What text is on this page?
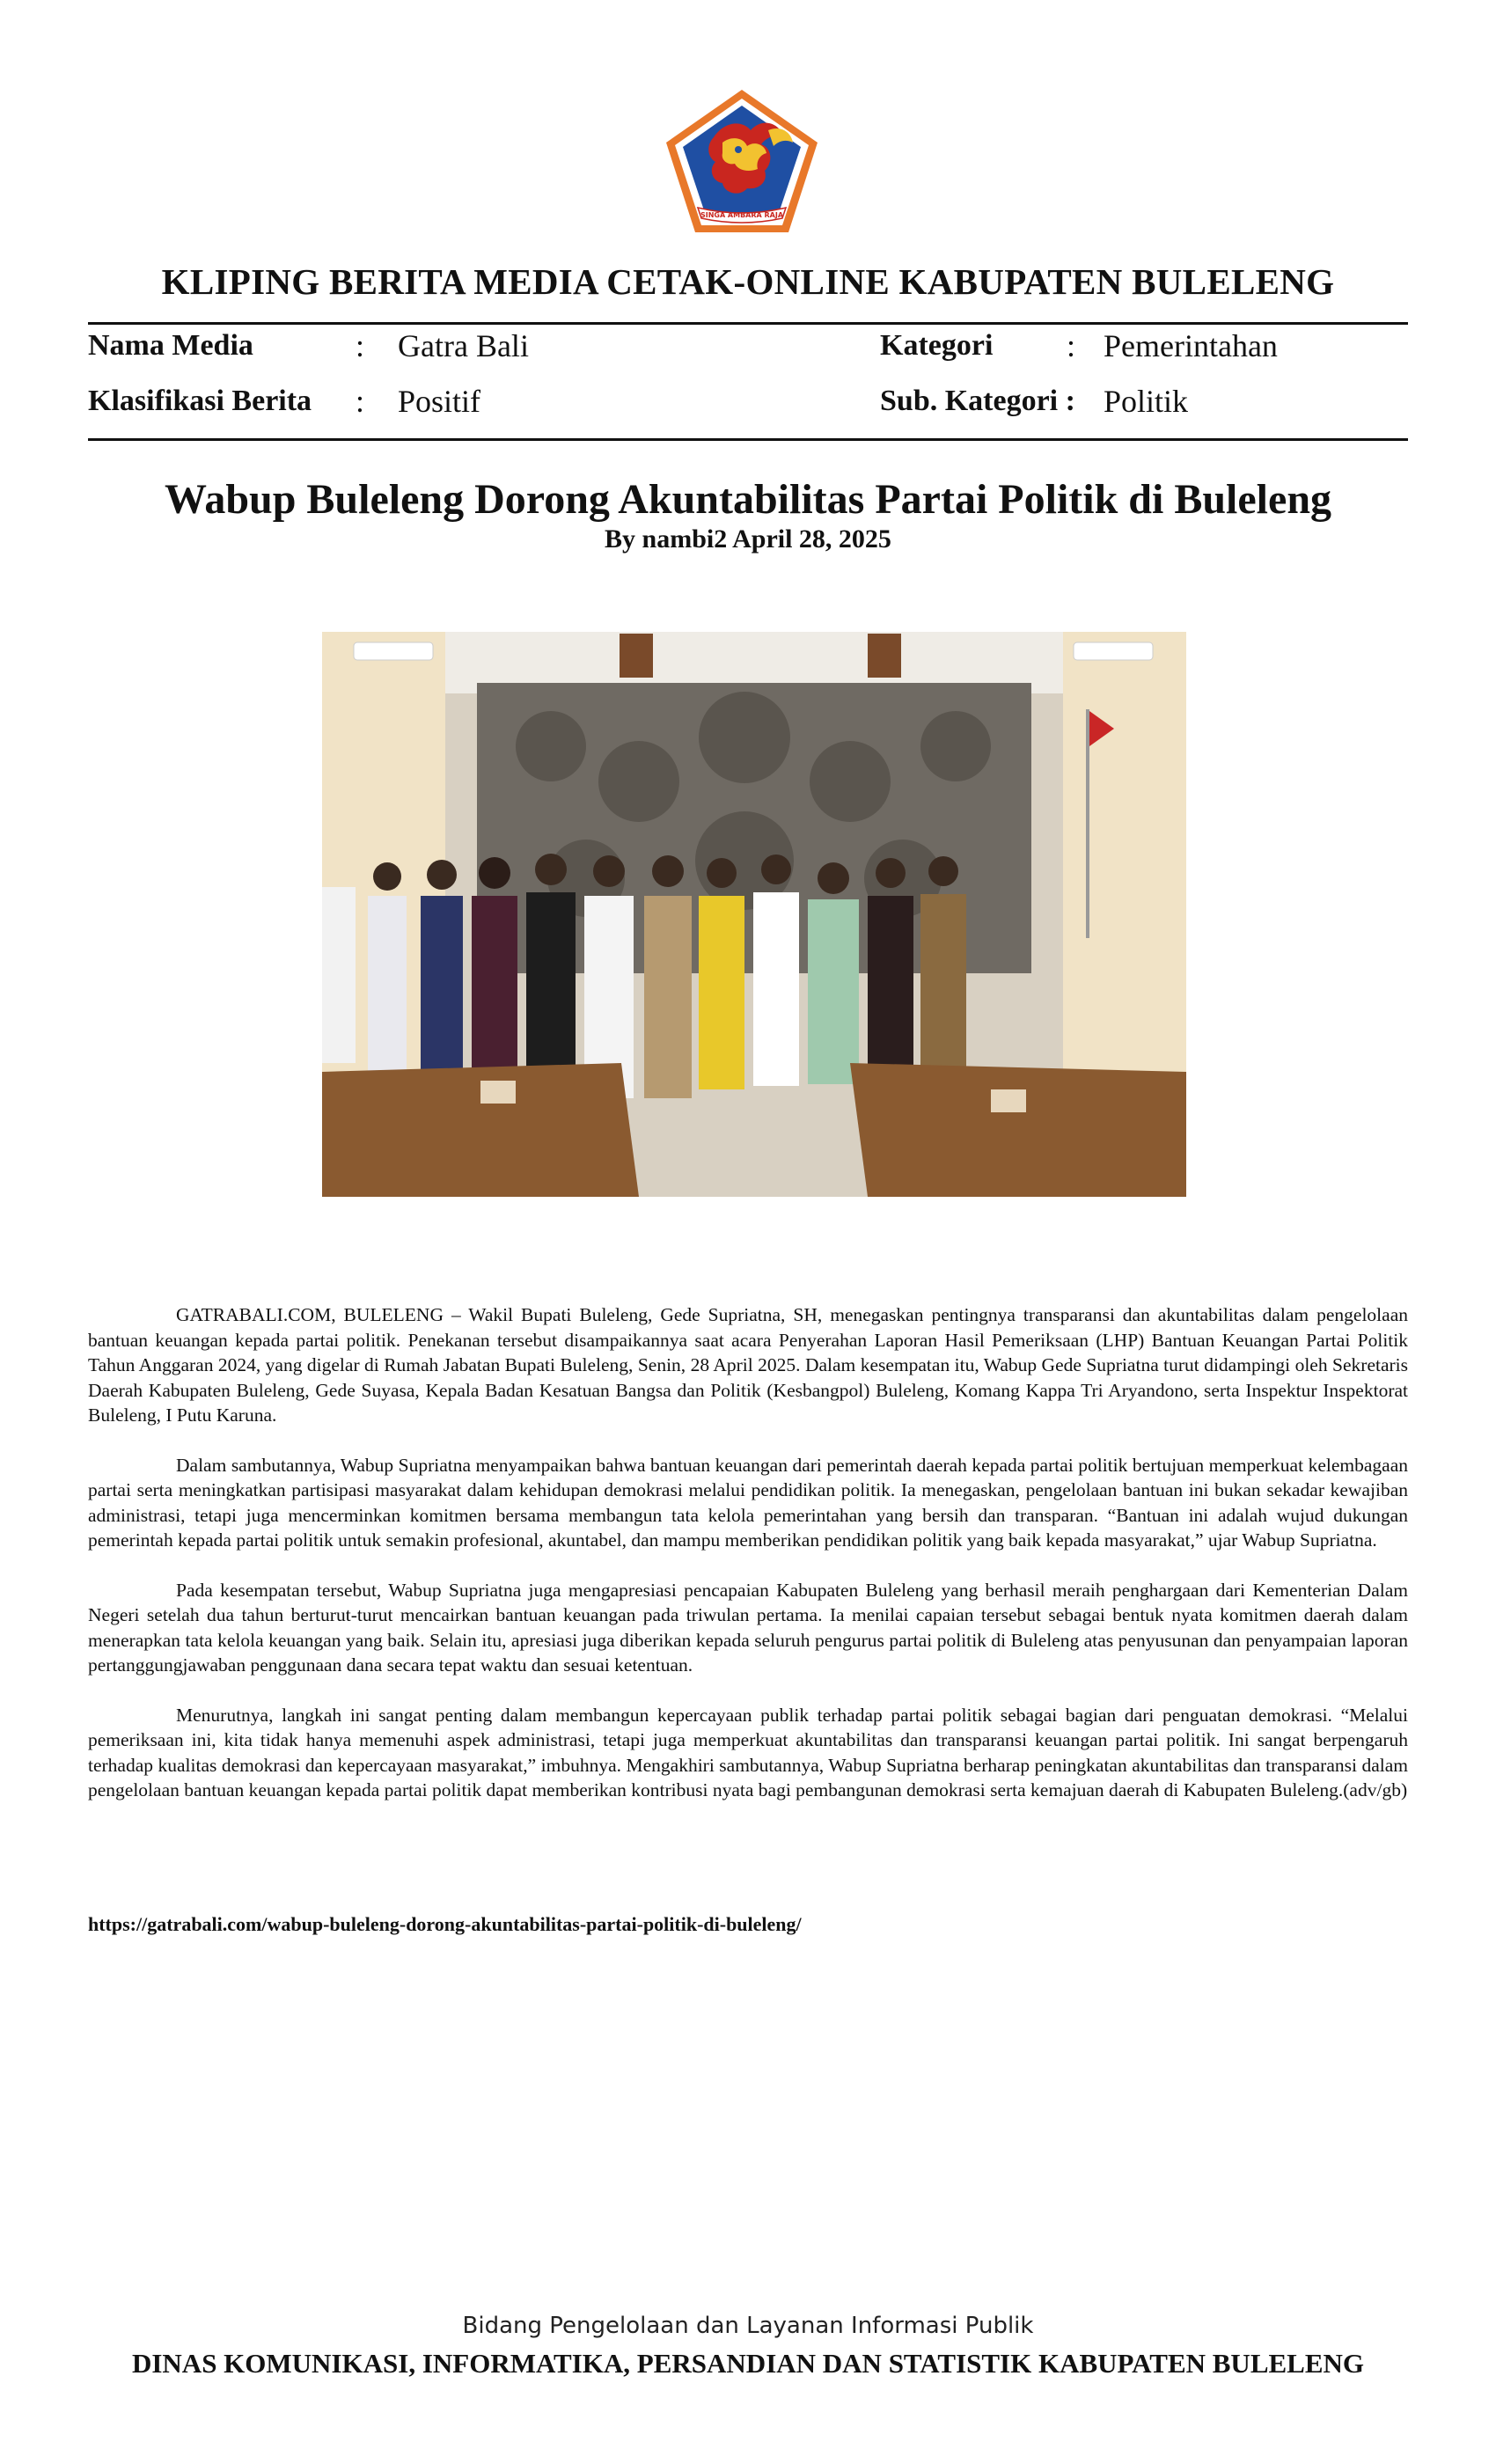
SINGA AMBARA RAJA
KLIPING BERITA MEDIA CETAK-ONLINE KABUPATEN BULELENG
Nama Media	: Gatra Bali	Kategori : Pemerintahan
Klasifikasi Berita : Positif	Sub. Kategori : Politik
Wabup Buleleng Dorong Akuntabilitas Partai Politik di Buleleng
By nambi2 April 28, 2025

GATRABALI.COM, BULELENG – Wakil Bupati Buleleng, Gede Supriatna, SH, menegaskan pentingnya transparansi dan akuntabilitas dalam pengelolaan bantuan keuangan kepada partai politik. Penekanan tersebut disampaikannya saat acara Penyerahan Laporan Hasil Pemeriksaan (LHP) Bantuan Keuangan Partai Politik Tahun Anggaran 2024, yang digelar di Rumah Jabatan Bupati Buleleng, Senin, 28 April 2025. Dalam kesempatan itu, Wabup Gede Supriatna turut didampingi oleh Sekretaris Daerah Kabupaten Buleleng, Gede Suyasa, Kepala Badan Kesatuan Bangsa dan Politik (Kesbangpol) Buleleng, Komang Kappa Tri Aryandono, serta Inspektur Inspektorat Buleleng, I Putu Karuna.

Dalam sambutannya, Wabup Supriatna menyampaikan bahwa bantuan keuangan dari pemerintah daerah kepada partai politik bertujuan memperkuat kelembagaan partai serta meningkatkan partisipasi masyarakat dalam kehidupan demokrasi melalui pendidikan politik. Ia menegaskan, pengelolaan bantuan ini bukan sekadar kewajiban administrasi, tetapi juga mencerminkan komitmen bersama membangun tata kelola pemerintahan yang bersih dan transparan. “Bantuan ini adalah wujud dukungan pemerintah kepada partai politik untuk semakin profesional, akuntabel, dan mampu memberikan pendidikan politik yang baik kepada masyarakat,” ujar Wabup Supriatna.

Pada kesempatan tersebut, Wabup Supriatna juga mengapresiasi pencapaian Kabupaten Buleleng yang berhasil meraih penghargaan dari Kementerian Dalam Negeri setelah dua tahun berturut-turut mencairkan bantuan keuangan pada triwulan pertama. Ia menilai capaian tersebut sebagai bentuk nyata komitmen daerah dalam menerapkan tata kelola keuangan yang baik. Selain itu, apresiasi juga diberikan kepada seluruh pengurus partai politik di Buleleng atas penyusunan dan penyampaian laporan pertanggungjawaban penggunaan dana secara tepat waktu dan sesuai ketentuan.

Menurutnya, langkah ini sangat penting dalam membangun kepercayaan publik terhadap partai politik sebagai bagian dari penguatan demokrasi. “Melalui pemeriksaan ini, kita tidak hanya memenuhi aspek administrasi, tetapi juga memperkuat akuntabilitas dan transparansi keuangan partai politik. Ini sangat berpengaruh terhadap kualitas demokrasi dan kepercayaan masyarakat,” imbuhnya. Mengakhiri sambutannya, Wabup Supriatna berharap peningkatan akuntabilitas dan transparansi dalam pengelolaan bantuan keuangan kepada partai politik dapat memberikan kontribusi nyata bagi pembangunan demokrasi serta kemajuan daerah di Kabupaten Buleleng.(adv/gb)

https://gatrabali.com/wabup-buleleng-dorong-akuntabilitas-partai-politik-di-buleleng/
Bidang Pengelolaan dan Layanan Informasi Publik
DINAS KOMUNIKASI, INFORMATIKA, PERSANDIAN DAN STATISTIK KABUPATEN BULELENG
